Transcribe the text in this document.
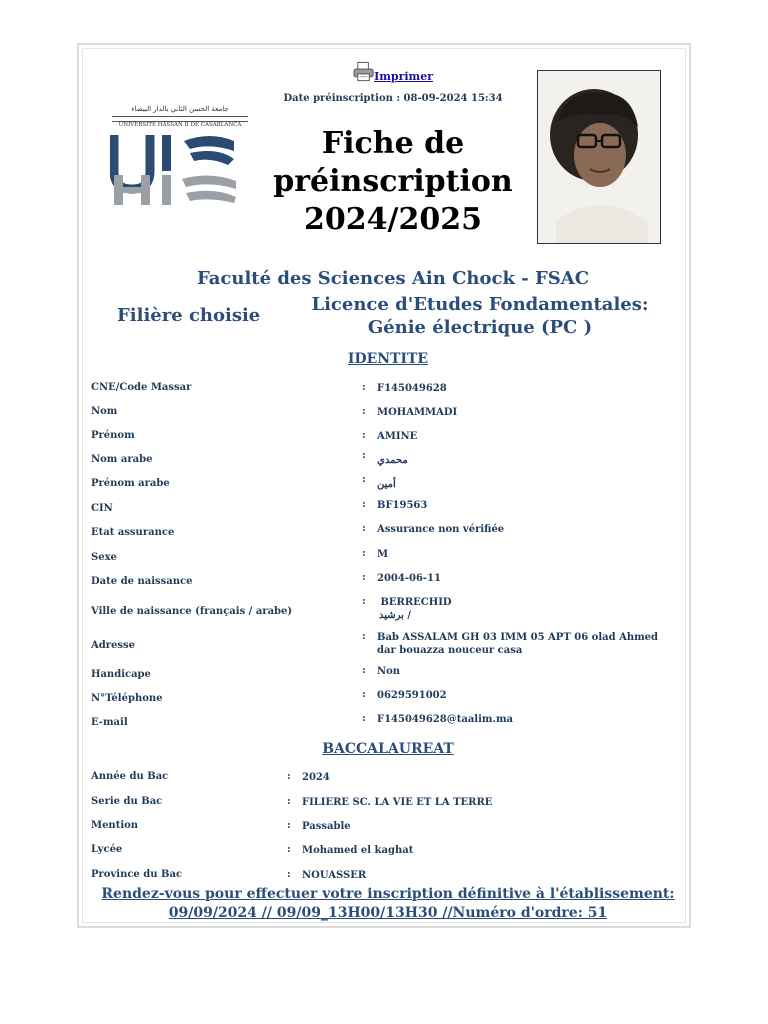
جامعة الحسن الثاني بالدار البيضاء
UNIVERSITÉ HASSAN II DE CASABLANCA
Imprimer
Date préinscription : 08-09-2024 15:34
Fiche de
préinscription
2024/2025
Faculté des Sciences Ain Chock - FSAC
Filière choisie
Licence d'Etudes Fondamentales: Génie électrique (PC )
IDENTITE
CNE/Code Massar	: F145049628
Nom	: MOHAMMADI
Prénom	: AMINE
Nom arabe	: محمدي
Prénom arabe	: أمين
CIN	: BF19563
Etat assurance	: Assurance non vérifiée
Sexe	: M
Date de naissance	: 2004-06-11
Ville de naissance (français / arabe)
: BERRECHID
برشيد /
Adresse
: Bab ASSALAM GH 03 IMM 05 APT 06 olad Ahmed dar bouazza nouceur casa
Handicape	: Non
N°Téléphone	: 0629591002
E-mail	: F145049628@taalim.ma
BACCALAUREAT
Année du Bac	: 2024
Serie du Bac	: FILIERE SC. LA VIE ET LA TERRE
Mention	: Passable
Lycée	: Mohamed el kaghat
Province du Bac	: NOUASSER
Rendez-vous pour effectuer votre inscription définitive à l'établissement:
09/09/2024 // 09/09_13H00/13H30 //Numéro d'ordre: 51
